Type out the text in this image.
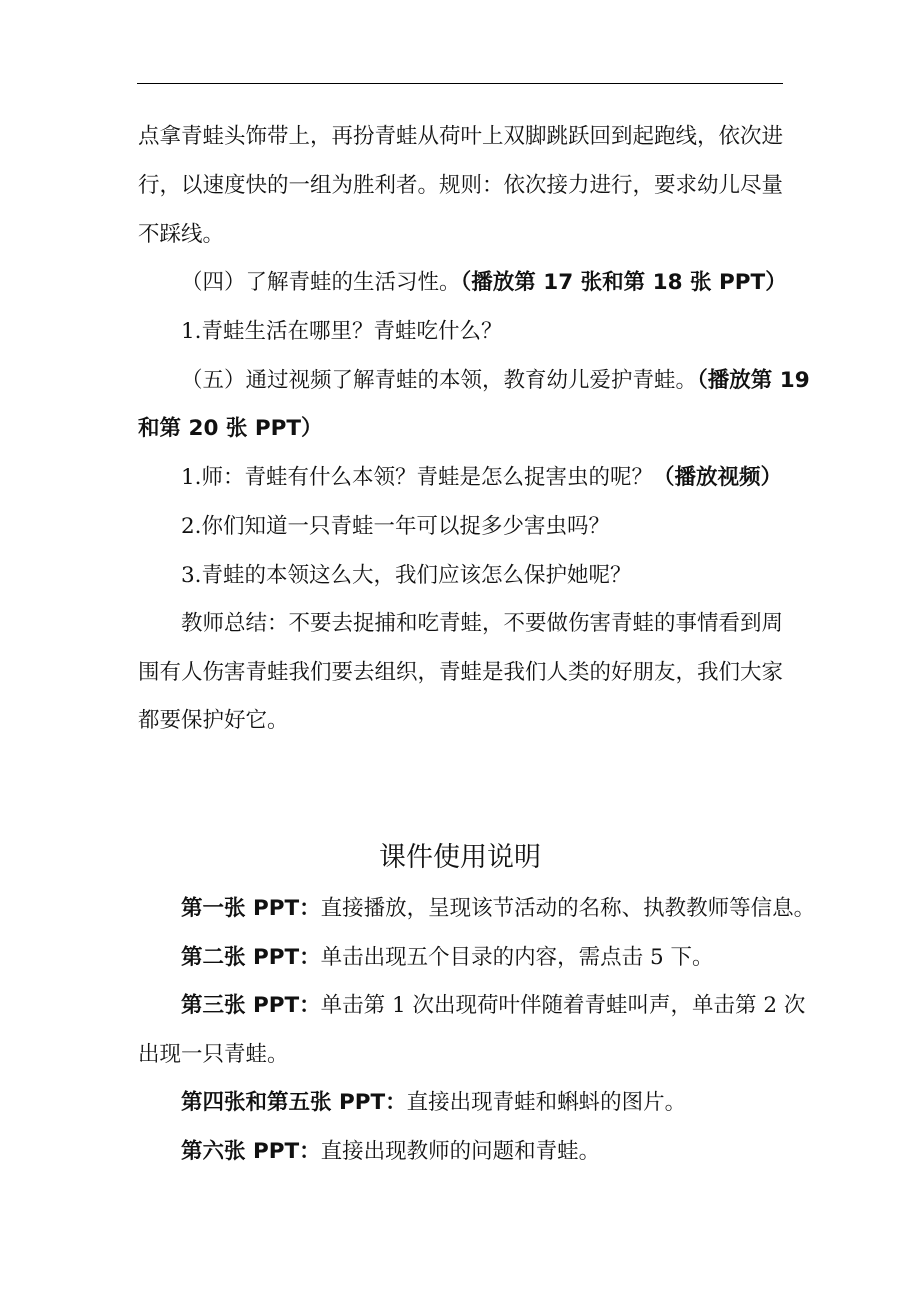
点拿青蛙头饰带上，再扮青蛙从荷叶上双脚跳跃回到起跑线，依次进
行，以速度快的一组为胜利者。规则：依次接力进行，要求幼儿尽量
不踩线。
（四）了解青蛙的生活习性。（播放第 17 张和第 18 张 PPT）
1.青蛙生活在哪里？青蛙吃什么？
（五）通过视频了解青蛙的本领，教育幼儿爱护青蛙。（播放第 19
和第 20 张 PPT）
1.师：青蛙有什么本领？青蛙是怎么捉害虫的呢？（播放视频）
2.你们知道一只青蛙一年可以捉多少害虫吗？
3.青蛙的本领这么大，我们应该怎么保护她呢？
教师总结：不要去捉捕和吃青蛙，不要做伤害青蛙的事情看到周
围有人伤害青蛙我们要去组织，青蛙是我们人类的好朋友，我们大家
都要保护好它。
课件使用说明
第一张 PPT：直接播放，呈现该节活动的名称、执教教师等信息。
第二张 PPT：单击出现五个目录的内容，需点击 5 下。
第三张 PPT：单击第 1 次出现荷叶伴随着青蛙叫声，单击第 2 次
出现一只青蛙。
第四张和第五张 PPT：直接出现青蛙和蝌蚪的图片。
第六张 PPT：直接出现教师的问题和青蛙。
